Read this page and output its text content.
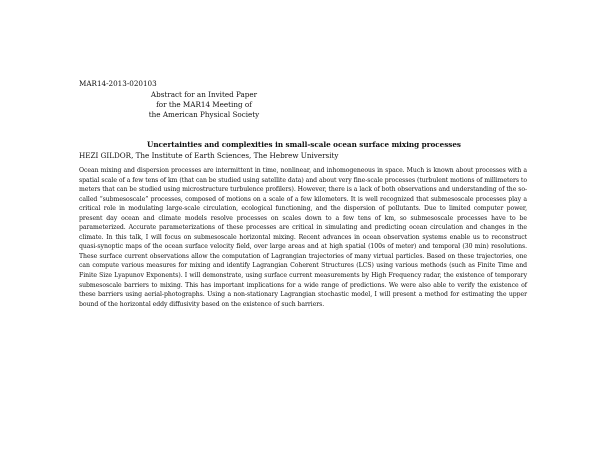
MAR14-2013-020103
Abstract for an Invited Paper
for the MAR14 Meeting of
the American Physical Society
Uncertainties and complexities in small-scale ocean surface mixing processes
HEZI GILDOR, The Institute of Earth Sciences, The Hebrew University
Ocean mixing and dispersion processes are intermittent in time, nonlinear, and inhomogeneous in space. Much is known about processes with a spatial scale of a few tens of km (that can be studied using satellite data) and about very fine-scale processes (turbulent motions of millimeters to meters that can be studied using microstructure turbulence profilers). However, there is a lack of both observations and understanding of the so-called “submesoscale” processes, composed of motions on a scale of a few kilometers. It is well recognized that submesoscale processes play a critical role in modulating large-scale circulation, ecological functioning, and the dispersion of pollutants. Due to limited computer power, present day ocean and climate models resolve processes on scales down to a few tens of km, so submesoscale processes have to be parameterized. Accurate parameterizations of these processes are critical in simulating and predicting ocean circulation and changes in the climate. In this talk, I will focus on submesoscale horizontal mixing. Recent advances in ocean observation systems enable us to reconstruct quasi-synoptic maps of the ocean surface velocity field, over large areas and at high spatial (100s of meter) and temporal (30 min) resolutions. These surface current observations allow the computation of Lagrangian trajectories of many virtual particles. Based on these trajectories, one can compute various measures for mixing and identify Lagrangian Coherent Structures (LCS) using various methods (such as Finite Time and Finite Size Lyapunov Exponents). I will demonstrate, using surface current measurements by High Frequency radar, the existence of temporary submesoscale barriers to mixing. This has important implications for a wide range of predictions. We were also able to verify the existence of these barriers using aerial-photographs. Using a non-stationary Lagrangian stochastic model, I will present a method for estimating the upper bound of the horizontal eddy diffusivity based on the existence of such barriers.
